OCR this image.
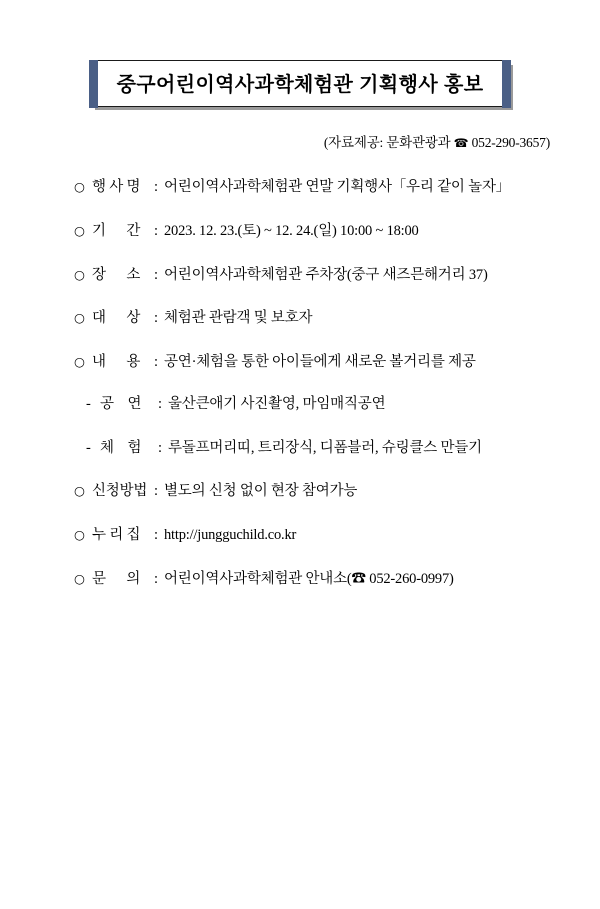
중구어린이역사과학체험관 기획행사 홍보
(자료제공: 문화관광과 ☎ 052-290-3657)
○ 행 사 명 : 어린이역사과학체험관 연말 기획행사「우리 같이 놀자」
○ 기      간 : 2023. 12. 23.(토) ~ 12. 24.(일) 10:00 ~ 18:00
○ 장      소 : 어린이역사과학체험관 주차장(중구 새즈믄해거리 37)
○ 대      상 : 체험관 관람객 및 보호자
○ 내      용 : 공연·체험을 통한 아이들에게 새로운 볼거리를 제공
- 공    연	: 울산큰애기 사진촬영, 마임매직공연
- 체    험	: 루돌프머리띠, 트리장식, 디폼블러, 슈링클스 만들기
○ 신청방법 : 별도의 신청 없이 현장 참여가능
○ 누 리 집 : http://jungguchild.co.kr
○ 문      의 : 어린이역사과학체험관 안내소(☎ 052-260-0997)
